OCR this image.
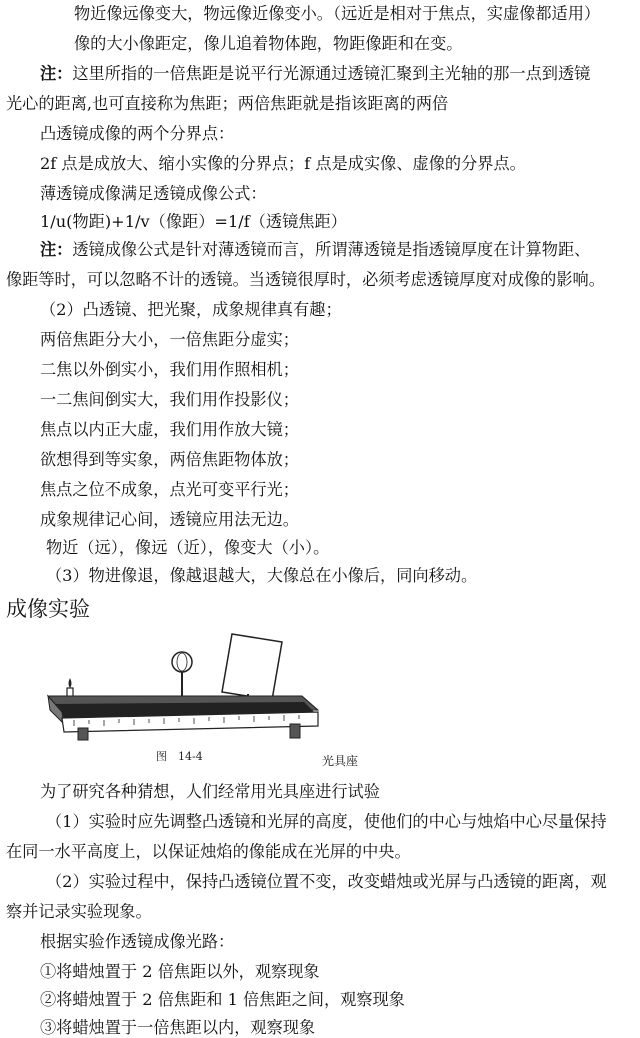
物近像远像变大，物远像近像变小。（远近是相对于焦点，实虚像都适用）
像的大小像距定，像儿追着物体跑，物距像距和在变。
注：这里所指的一倍焦距是说平行光源通过透镜汇聚到主光轴的那一点到透镜
光心的距离,也可直接称为焦距；两倍焦距就是指该距离的两倍
凸透镜成像的两个分界点：
2f 点是成放大、缩小实像的分界点；f 点是成实像、虚像的分界点。
薄透镜成像满足透镜成像公式：
1/u(物距)+1/v（像距）=1/f（透镜焦距）
注：透镜成像公式是针对薄透镜而言，所谓薄透镜是指透镜厚度在计算物距、
像距等时，可以忽略不计的透镜。当透镜很厚时，必须考虑透镜厚度对成像的影响。
（2）凸透镜、把光聚，成象规律真有趣；
两倍焦距分大小，一倍焦距分虚实；
二焦以外倒实小，我们用作照相机；
一二焦间倒实大，我们用作投影仪；
焦点以内正大虚，我们用作放大镜；
欲想得到等实象，两倍焦距物体放；
焦点之位不成象，点光可变平行光；
成象规律记心间，透镜应用法无边。
物近（远），像远（近），像变大（小）。
（3）物进像退，像越退越大，大像总在小像后，同向移动。
成像实验
图　14-4	光具座
为了研究各种猜想，人们经常用光具座进行试验
（1）实验时应先调整凸透镜和光屏的高度，使他们的中心与烛焰中心尽量保持
在同一水平高度上，以保证烛焰的像能成在光屏的中央。
（2）实验过程中，保持凸透镜位置不变，改变蜡烛或光屏与凸透镜的距离，观
察并记录实验现象。
根据实验作透镜成像光路：
①将蜡烛置于 2 倍焦距以外，观察现象
②将蜡烛置于 2 倍焦距和 1 倍焦距之间，观察现象
③将蜡烛置于一倍焦距以内，观察现象
